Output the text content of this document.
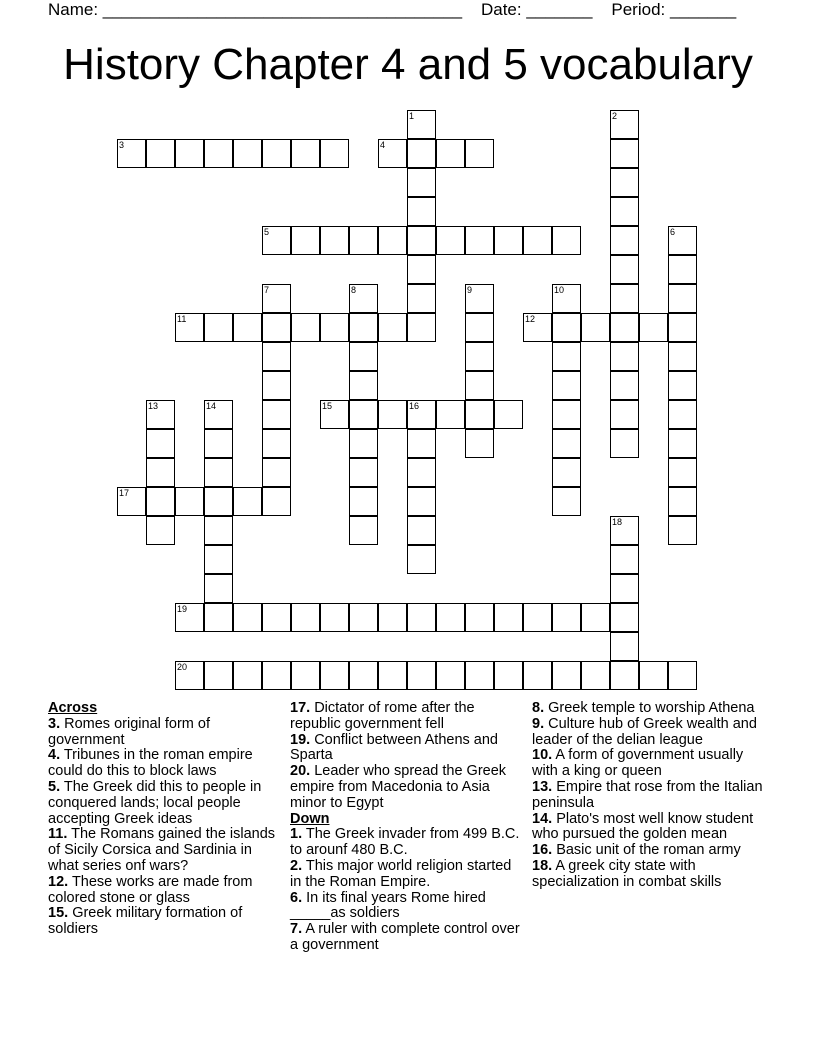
Name: ______________________________________    Date: _______    Period: _______
History Chapter 4 and 5 vocabulary
1	2
3	4
5	6
7	8	9	10
11	12
13	14	15	16
17
18
19
20
Across
3. Romes original form of government
4. Tribunes in the roman empire could do this to block laws
5. The Greek did this to people in conquered lands; local people accepting Greek ideas
11. The Romans gained the islands of Sicily Corsica and Sardinia in what series onf wars?
12. These works are made from colored stone or glass
15. Greek military formation of soldiers
17. Dictator of rome after the republic government fell
19. Conflict between Athens and Sparta
20. Leader who spread the Greek empire from Macedonia to Asia minor to Egypt
Down
1. The Greek invader from 499 B.C. to arounf 480 B.C.
2. This major world religion started in the Roman Empire.
6. In its final years Rome hired _____as soldiers
7. A ruler with complete control over a government
8. Greek temple to worship Athena
9. Culture hub of Greek wealth and leader of the delian league
10. A form of government usually with a king or queen
13. Empire that rose from the Italian peninsula
14. Plato's most well know student who pursued the golden mean
16. Basic unit of the roman army
18. A greek city state with specialization in combat skills
